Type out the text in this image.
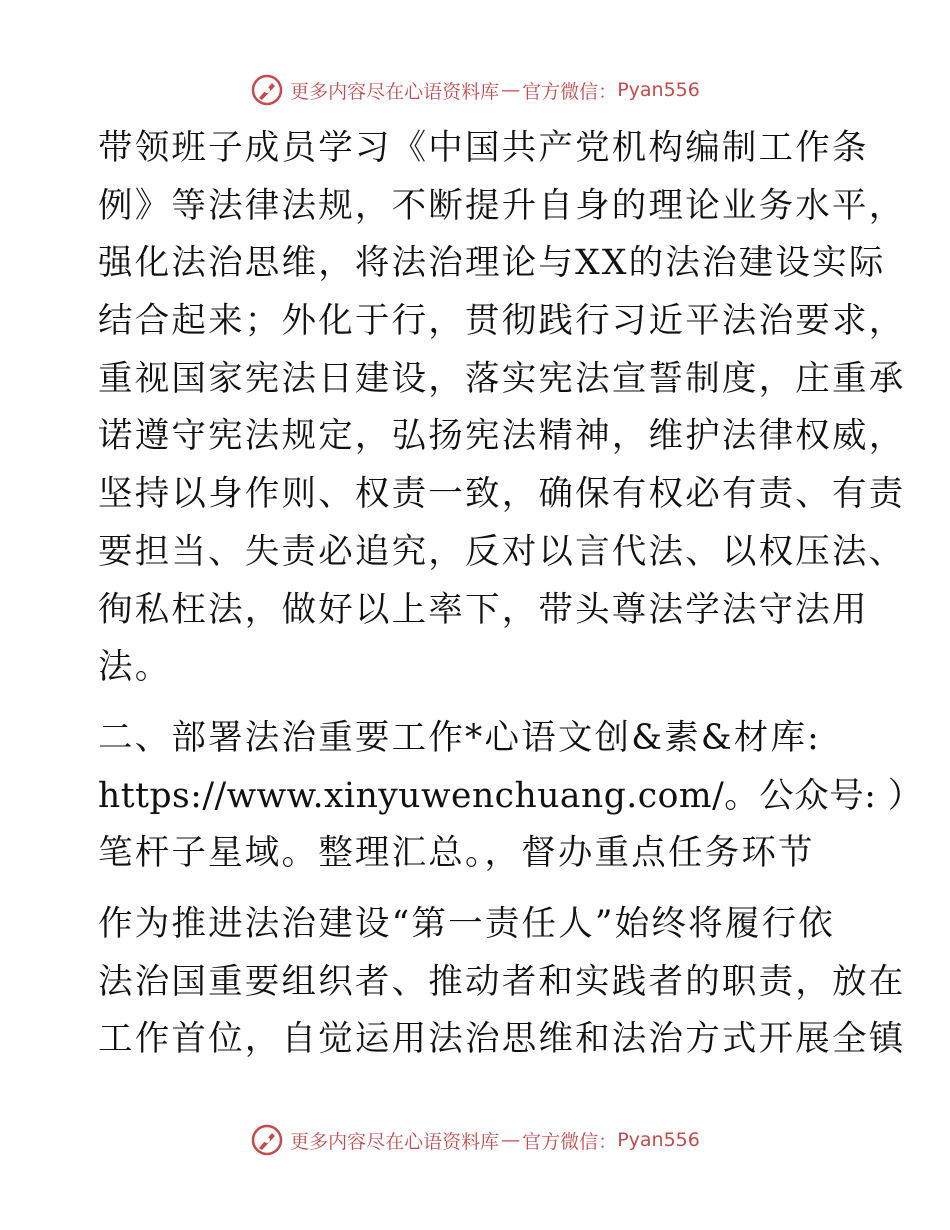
更多内容尽在心语资料库 — 官方微信： Pyan556
带领班子成员学习《中国共产党机构编制工作条
例》等法律法规，不断提升自身的理论业务水平，
强化法治思维，将法治理论与XX的法治建设实际
结合起来；外化于行，贯彻践行习近平法治要求，
重视国家宪法日建设，落实宪法宣誓制度，庄重承
诺遵守宪法规定，弘扬宪法精神，维护法律权威，
坚持以身作则、权责一致，确保有权必有责、有责
要担当、失责必追究，反对以言代法、以权压法、
徇私枉法，做好以上率下，带头尊法学法守法用
法。
二、部署法治重要工作*心语文创&素&材库:
https://www.xinyuwenchuang.com/。公众号: ）
笔杆子星域。整理汇总。，督办重点任务环节
作为推进法治建设“第一责任人”始终将履行依
法治国重要组织者、推动者和实践者的职责，放在
工作首位，自觉运用法治思维和法治方式开展全镇
更多内容尽在心语资料库 — 官方微信： Pyan556
